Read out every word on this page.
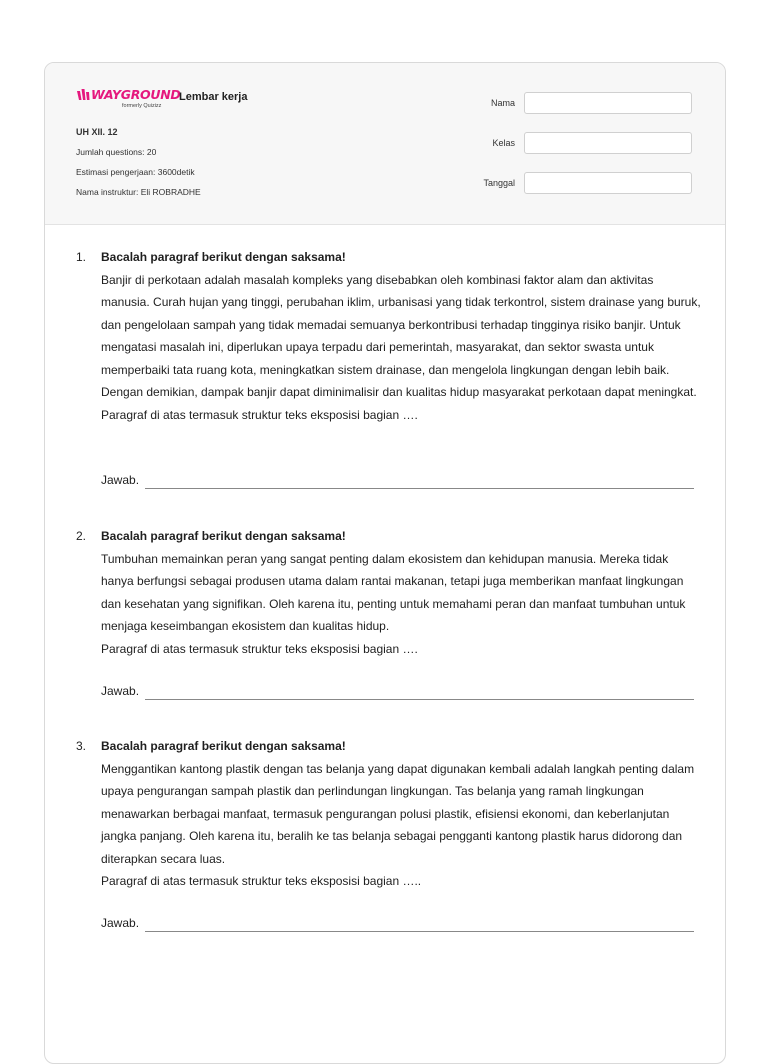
WAYGROUND
formerly Quizizz
Lembar kerja
UH XII. 12
Jumlah questions: 20
Estimasi pengerjaan: 3600detik
Nama instruktur: Eli ROBRADHE
Nama
Kelas
Tanggal
1. Bacalah paragraf berikut dengan saksama!
Banjir di perkotaan adalah masalah kompleks yang disebabkan oleh kombinasi faktor alam dan aktivitas manusia. Curah hujan yang tinggi, perubahan iklim, urbanisasi yang tidak terkontrol, sistem drainase yang buruk, dan pengelolaan sampah yang tidak memadai semuanya berkontribusi terhadap tingginya risiko banjir. Untuk mengatasi masalah ini, diperlukan upaya terpadu dari pemerintah, masyarakat, dan sektor swasta untuk memperbaiki tata ruang kota, meningkatkan sistem drainase, dan mengelola lingkungan dengan lebih baik. Dengan demikian, dampak banjir dapat diminimalisir dan kualitas hidup masyarakat perkotaan dapat meningkat.
Paragraf di atas termasuk struktur teks eksposisi bagian ….
Jawab.
2. Bacalah paragraf berikut dengan saksama!
Tumbuhan memainkan peran yang sangat penting dalam ekosistem dan kehidupan manusia. Mereka tidak hanya berfungsi sebagai produsen utama dalam rantai makanan, tetapi juga memberikan manfaat lingkungan dan kesehatan yang signifikan. Oleh karena itu, penting untuk memahami peran dan manfaat tumbuhan untuk menjaga keseimbangan ekosistem dan kualitas hidup.
Paragraf di atas termasuk struktur teks eksposisi bagian ….
Jawab.
3. Bacalah paragraf berikut dengan saksama!
Menggantikan kantong plastik dengan tas belanja yang dapat digunakan kembali adalah langkah penting dalam upaya pengurangan sampah plastik dan perlindungan lingkungan. Tas belanja yang ramah lingkungan menawarkan berbagai manfaat, termasuk pengurangan polusi plastik, efisiensi ekonomi, dan keberlanjutan jangka panjang. Oleh karena itu, beralih ke tas belanja sebagai pengganti kantong plastik harus didorong dan diterapkan secara luas.
Paragraf di atas termasuk struktur teks eksposisi bagian …..
Jawab.
